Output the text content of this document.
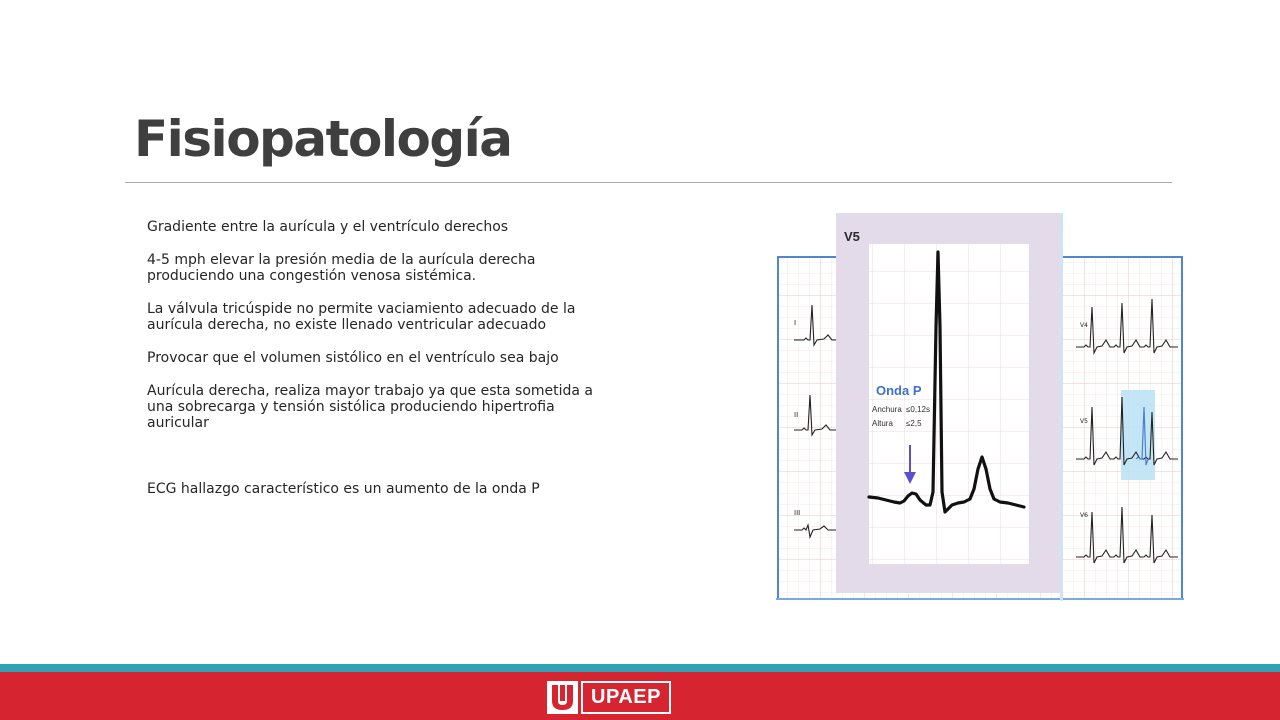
Fisiopatología

Gradiente entre la aurícula y el ventrículo derechos

4-5 mph elevar la presión media de la aurícula derecha produciendo una congestión venosa sistémica.

La válvula tricúspide no permite vaciamiento adecuado de la aurícula derecha, no existe llenado ventricular adecuado

Provocar que el volumen sistólico en el ventrículo sea bajo

Aurícula derecha, realiza mayor trabajo ya que esta sometida a una sobrecarga y tensión sistólica produciendo hipertrofia auricular

ECG hallazgo característico es un aumento de la onda P

I
II
III
V4
V5
V6
V5
Onda P
Anchura ≤0,12s
Altura ≤2,5
UPAEP
